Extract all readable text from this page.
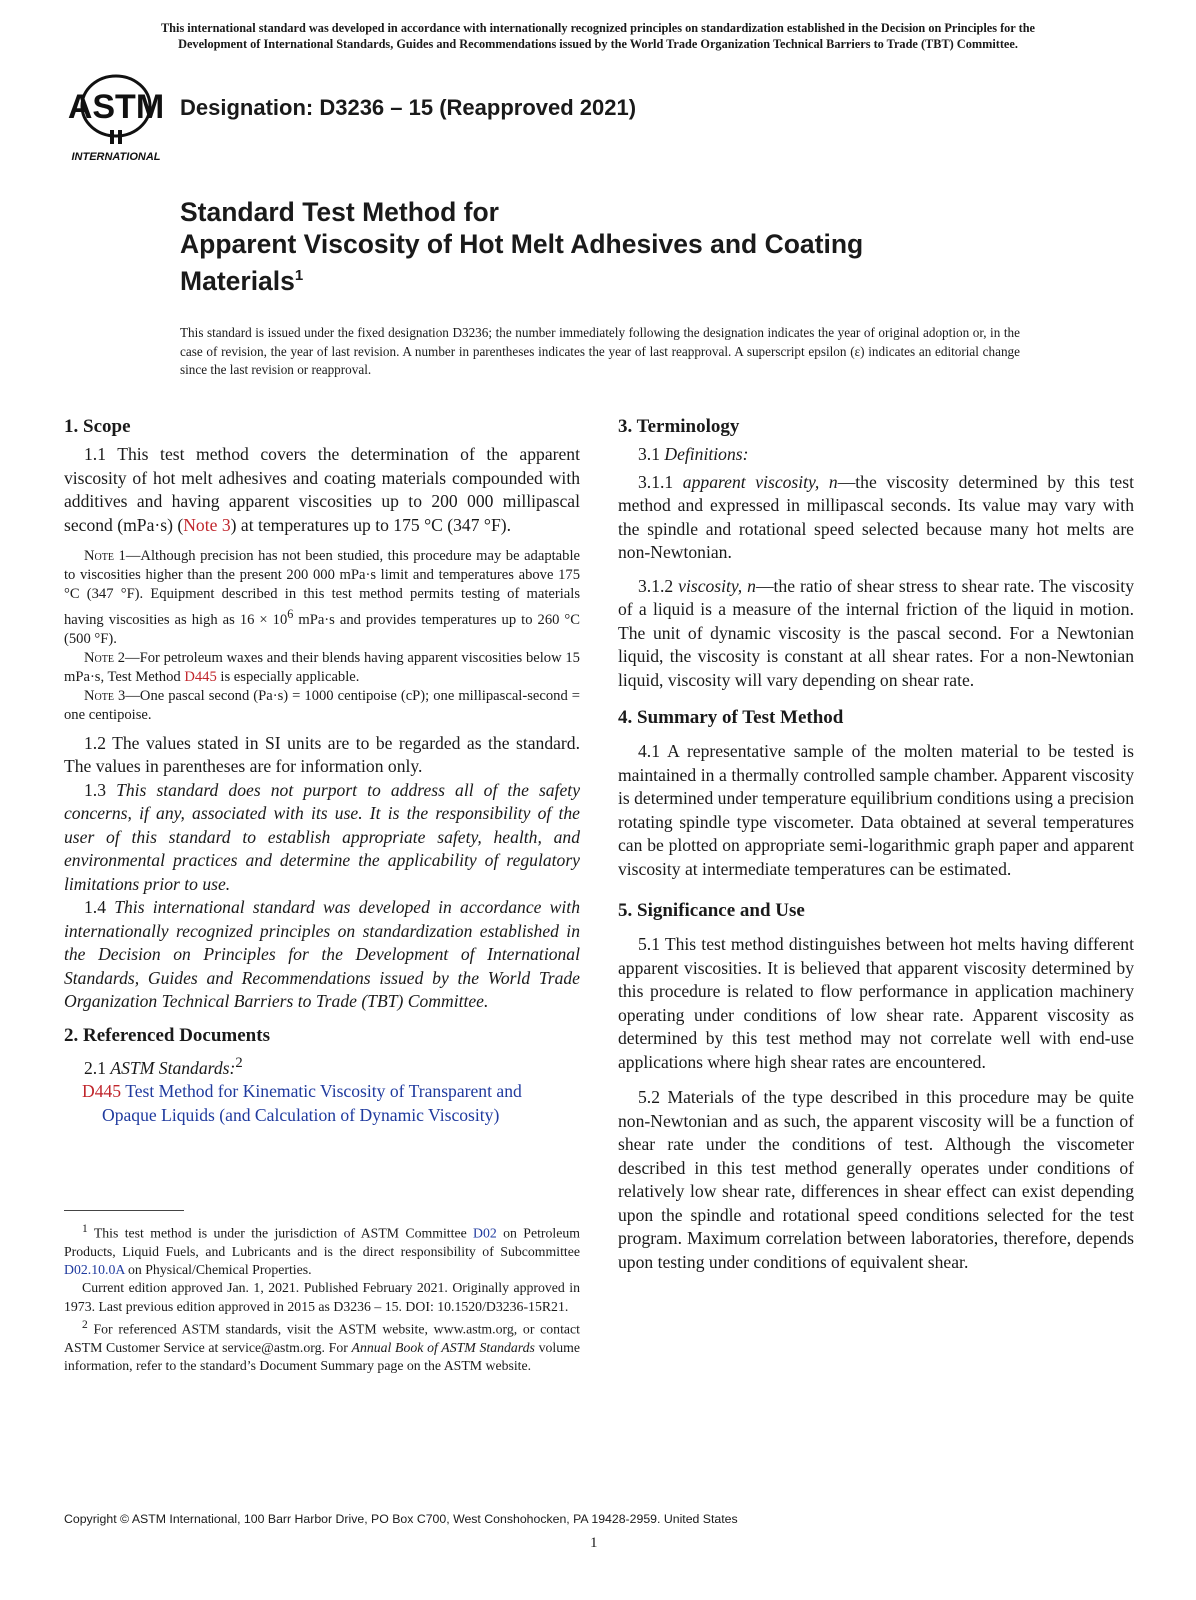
This international standard was developed in accordance with internationally recognized principles on standardization established in the Decision on Principles for the
Development of International Standards, Guides and Recommendations issued by the World Trade Organization Technical Barriers to Trade (TBT) Committee.
ASTM
INTERNATIONAL
Designation: D3236 – 15 (Reapproved 2021)
Standard Test Method for
Apparent Viscosity of Hot Melt Adhesives and Coating
Materials$^1$
This standard is issued under the fixed designation D3236; the number immediately following the designation indicates the year of original adoption or, in the case of revision, the year of last revision. A number in parentheses indicates the year of last reapproval. A superscript epsilon (ε) indicates an editorial change since the last revision or reapproval.
1. Scope

1.1 This test method covers the determination of the apparent viscosity of hot melt adhesives and coating materials compounded with additives and having apparent viscosities up to 200 000 millipascal second (mPa·s) (Note 3) at temperatures up to 175 °C (347 °F).

Note 1—Although precision has not been studied, this procedure may be adaptable to viscosities higher than the present 200 000 mPa·s limit and temperatures above 175 °C (347 °F). Equipment described in this test method permits testing of materials having viscosities as high as $16 \times 10^6$ mPa·s and provides temperatures up to 260 °C (500 °F).

Note 2—For petroleum waxes and their blends having apparent viscosities below 15 mPa·s, Test Method D445 is especially applicable.

Note 3—One pascal second (Pa·s) = 1000 centipoise (cP); one millipascal-second = one centipoise.

1.2 The values stated in SI units are to be regarded as the standard. The values in parentheses are for information only.

1.3 This standard does not purport to address all of the safety concerns, if any, associated with its use. It is the responsibility of the user of this standard to establish appropriate safety, health, and environmental practices and determine the applicability of regulatory limitations prior to use.

1.4 This international standard was developed in accordance with internationally recognized principles on standardization established in the Decision on Principles for the Development of International Standards, Guides and Recommendations issued by the World Trade Organization Technical Barriers to Trade (TBT) Committee.

2. Referenced Documents

2.1 ASTM Standards:$^2$

D445 Test Method for Kinematic Viscosity of Transparent and Opaque Liquids (and Calculation of Dynamic Viscosity)

$^1$ This test method is under the jurisdiction of ASTM Committee D02 on Petroleum Products, Liquid Fuels, and Lubricants and is the direct responsibility of Subcommittee D02.10.0A on Physical/Chemical Properties.

Current edition approved Jan. 1, 2021. Published February 2021. Originally approved in 1973. Last previous edition approved in 2015 as D3236 – 15. DOI: 10.1520/D3236-15R21.

$^2$ For referenced ASTM standards, visit the ASTM website, www.astm.org, or contact ASTM Customer Service at service@astm.org. For Annual Book of ASTM Standards volume information, refer to the standard’s Document Summary page on the ASTM website.

3. Terminology

3.1 Definitions:

3.1.1 apparent viscosity, n—the viscosity determined by this test method and expressed in millipascal seconds. Its value may vary with the spindle and rotational speed selected because many hot melts are non-Newtonian.

3.1.2 viscosity, n—the ratio of shear stress to shear rate. The viscosity of a liquid is a measure of the internal friction of the liquid in motion. The unit of dynamic viscosity is the pascal second. For a Newtonian liquid, the viscosity is constant at all shear rates. For a non-Newtonian liquid, viscosity will vary depending on shear rate.

4. Summary of Test Method

4.1 A representative sample of the molten material to be tested is maintained in a thermally controlled sample chamber. Apparent viscosity is determined under temperature equilibrium conditions using a precision rotating spindle type viscometer. Data obtained at several temperatures can be plotted on appropriate semi-logarithmic graph paper and apparent viscosity at intermediate temperatures can be estimated.

5. Significance and Use

5.1 This test method distinguishes between hot melts having different apparent viscosities. It is believed that apparent viscosity determined by this procedure is related to flow performance in application machinery operating under conditions of low shear rate. Apparent viscosity as determined by this test method may not correlate well with end-use applications where high shear rates are encountered.

5.2 Materials of the type described in this procedure may be quite non-Newtonian and as such, the apparent viscosity will be a function of shear rate under the conditions of test. Although the viscometer described in this test method generally operates under conditions of relatively low shear rate, differences in shear effect can exist depending upon the spindle and rotational speed conditions selected for the test program. Maximum correlation between laboratories, therefore, depends upon testing under conditions of equivalent shear.

Copyright © ASTM International, 100 Barr Harbor Drive, PO Box C700, West Conshohocken, PA 19428-2959. United States
1
